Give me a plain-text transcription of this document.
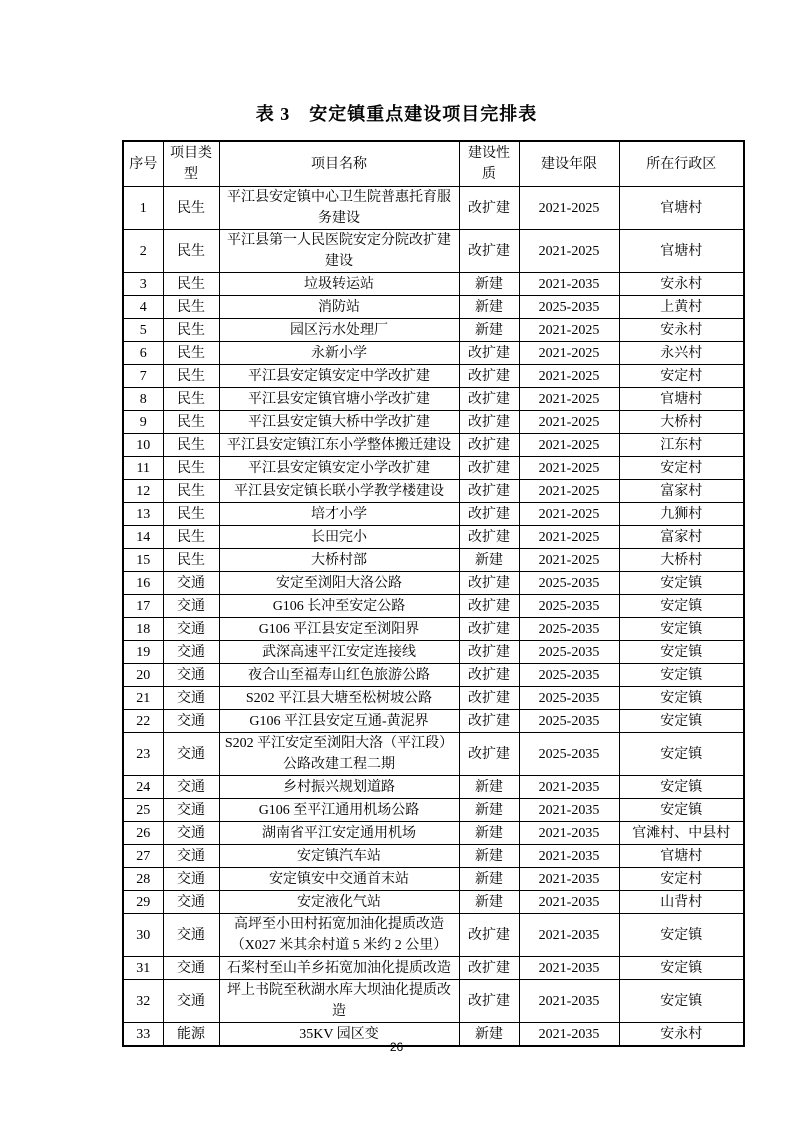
表 3　安定镇重点建设项目完排表
序号	项目类型	项目名称	建设性质	建设年限	所在行政区
1	民生	平江县安定镇中心卫生院普惠托育服务建设	改扩建	2021-2025	官塘村
2	民生	平江县第一人民医院安定分院改扩建建设	改扩建	2021-2025	官塘村
3	民生	垃圾转运站	新建	2021-2035	安永村
4	民生	消防站	新建	2025-2035	上黄村
5	民生	园区污水处理厂	新建	2021-2025	安永村
6	民生	永新小学	改扩建	2021-2025	永兴村
7	民生	平江县安定镇安定中学改扩建	改扩建	2021-2025	安定村
8	民生	平江县安定镇官塘小学改扩建	改扩建	2021-2025	官塘村
9	民生	平江县安定镇大桥中学改扩建	改扩建	2021-2025	大桥村
10	民生	平江县安定镇江东小学整体搬迁建设	改扩建	2021-2025	江东村
11	民生	平江县安定镇安定小学改扩建	改扩建	2021-2025	安定村
12	民生	平江县安定镇长联小学教学楼建设	改扩建	2021-2025	富家村
13	民生	培才小学	改扩建	2021-2025	九狮村
14	民生	长田完小	改扩建	2021-2025	富家村
15	民生	大桥村部	新建	2021-2025	大桥村
16	交通	安定至浏阳大洛公路	改扩建	2025-2035	安定镇
17	交通	G106 长冲至安定公路	改扩建	2025-2035	安定镇
18	交通	G106 平江县安定至浏阳界	改扩建	2025-2035	安定镇
19	交通	武深高速平江安定连接线	改扩建	2025-2035	安定镇
20	交通	夜合山至福寿山红色旅游公路	改扩建	2025-2035	安定镇
21	交通	S202 平江县大塘至松树坡公路	改扩建	2025-2035	安定镇
22	交通	G106 平江县安定互通-黄泥界	改扩建	2025-2035	安定镇
23	交通	S202 平江安定至浏阳大洛（平江段）公路改建工程二期	改扩建	2025-2035	安定镇
24	交通	乡村振兴规划道路	新建	2021-2035	安定镇
25	交通	G106 至平江通用机场公路	新建	2021-2035	安定镇
26	交通	湖南省平江安定通用机场	新建	2021-2035	官滩村、中县村
27	交通	安定镇汽车站	新建	2021-2035	官塘村
28	交通	安定镇安中交通首末站	新建	2021-2035	安定村
29	交通	安定液化气站	新建	2021-2035	山背村
30	交通	高坪至小田村拓宽加油化提质改造（X027 米其余村道 5 米约 2 公里）	改扩建	2021-2035	安定镇
31	交通	石桨村至山羊乡拓宽加油化提质改造	改扩建	2021-2035	安定镇
32	交通	坪上书院至秋湖水库大坝油化提质改造	改扩建	2021-2035	安定镇
33	能源	35KV 园区变	新建	2021-2035	安永村
26
